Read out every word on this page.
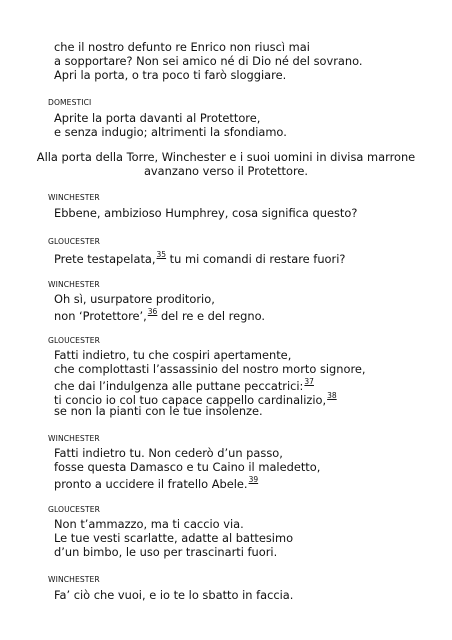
che il nostro defunto re Enrico non riuscì mai
a sopportare? Non sei amico né di Dio né del sovrano.
Apri la porta, o tra poco ti farò sloggiare.
DOMESTICI
Aprite la porta davanti al Protettore,
e senza indugio; altrimenti la sfondiamo.
Alla porta della Torre, Winchester e i suoi uomini in divisa marrone
avanzano verso il Protettore.
WINCHESTER
Ebbene, ambizioso Humphrey, cosa significa questo?
GLOUCESTER
Prete testapelata,$^{35}$ tu mi comandi di restare fuori?
WINCHESTER
Oh sì, usurpatore proditorio,
non ‘Protettore’,$^{36}$ del re e del regno.
GLOUCESTER
Fatti indietro, tu che cospiri apertamente,
che complottasti l’assassinio del nostro morto signore,
che dai l’indulgenza alle puttane peccatrici:$^{37}$
ti concio io col tuo capace cappello cardinalizio,$^{38}$
se non la pianti con le tue insolenze.
WINCHESTER
Fatti indietro tu. Non cederò d’un passo,
fosse questa Damasco e tu Caino il maledetto,
pronto a uccidere il fratello Abele.$^{39}$
GLOUCESTER
Non t’ammazzo, ma ti caccio via.
Le tue vesti scarlatte, adatte al battesimo
d’un bimbo, le uso per trascinarti fuori.
WINCHESTER
Fa’ ciò che vuoi, e io te lo sbatto in faccia.
